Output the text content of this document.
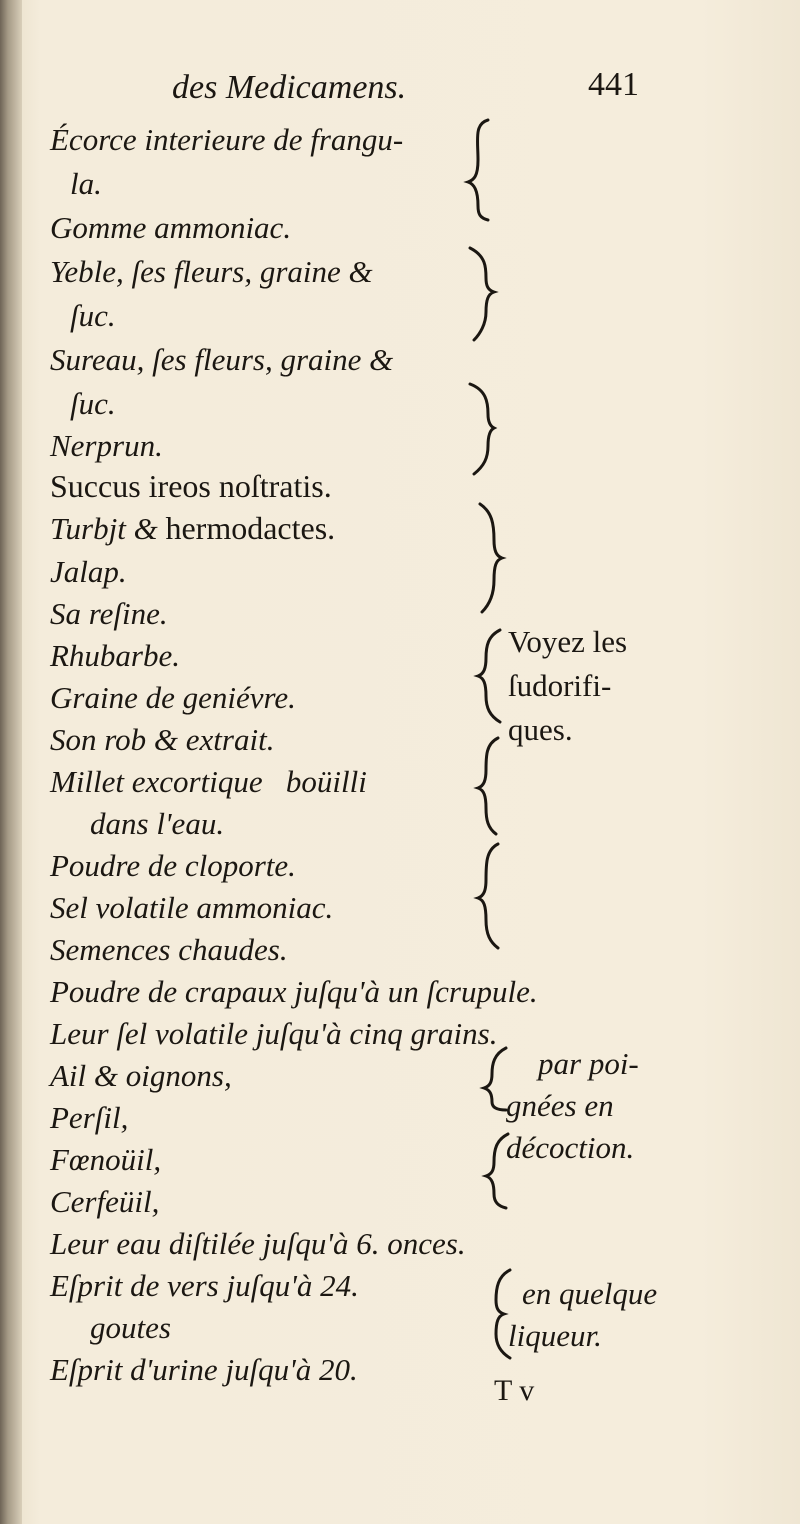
des Medicamens.	441
Écorce interieure de frangu-
la.
Gomme ammoniac.
Yeble, ſes fleurs, graine &
ſuc.
Sureau, ſes fleurs, graine &
ſuc.
Nerprun.
Succus ireos noſtratis.
Turbjt & hermodactes.
Jalap.
Sa reſine.
Rhubarbe.
Graine de geniévre.
Son rob & extrait.
Millet excortique   boüilli
dans l'eau.
Poudre de cloporte.
Sel volatile ammoniac.
Semences chaudes.
Poudre de crapaux juſqu'à un ſcrupule.
Leur ſel volatile juſqu'à cinq grains.
Ail & oignons,
Perſil,
Fœnoüil,
Cerfeüil,
Leur eau diſtilée juſqu'à 6. onces.
Eſprit de vers juſqu'à 24.
goutes
Eſprit d'urine juſqu'à 20.
Voyez les
ſudorifi-
ques.
par poi-
gnées en
décoction.
en quelque
liqueur.
T v
